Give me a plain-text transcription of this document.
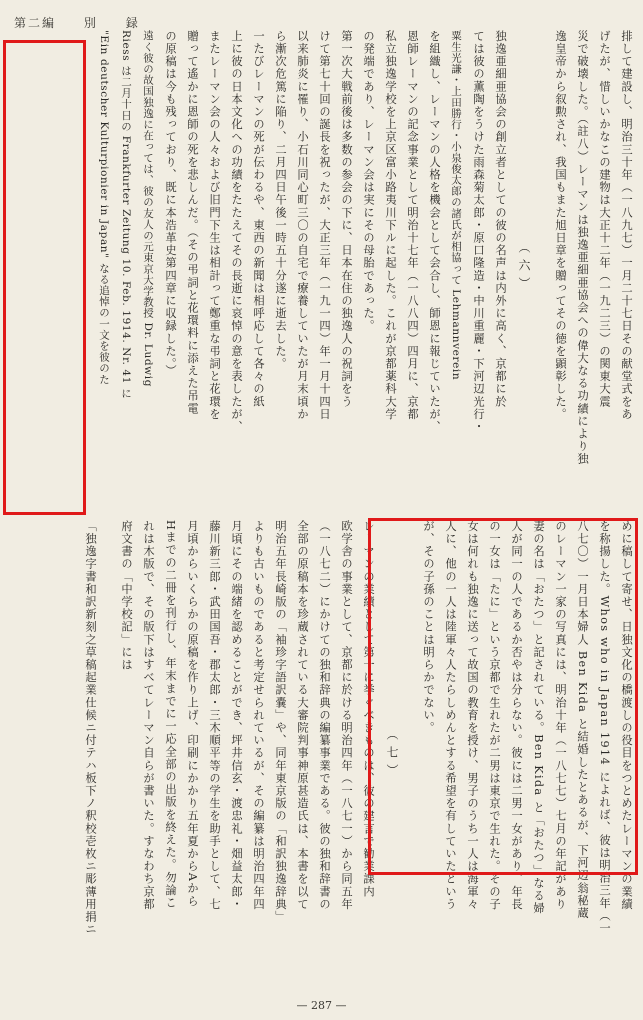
第二編 別 録
排して建設し、明治三十年（一八九七）一月二十七日その献堂式をあ
げたが、惜しいかなこの建物は大正十二年（一九二三）の関東大震
災で破壊した。（註八）レーマンは独逸亜細亜協会への偉大なる功績により独
逸皇帝から叙勲され、我国もまた旭日章を贈ってその徳を顕彰した。
（六）
独逸亜細亜協会の創立者としての彼の名声は内外に高く、京都に於
ては彼の薫陶をうけた雨森菊太郎・原口隆造・中川重麗・下河辺光行・
粟生光謙・上田勝行・小泉俊太郎の諸氏が相協って Lehmannverein
を組織し、レーマンの人格を機会として会合し、師恩に報じていたが、
恩師レーマンの記念事業として明治十七年（一八八四）四月に、京都
私立独逸学校を上京区富小路夷川下ルに起した。これが京都薬科大学
の発端であり、レーマン会は実にその母胎であった。
第一次大戦前後は多数の参会の下に、日本在住の独逸人の祝詞をう
けて第七十回の誕長を祝ったが、大正三年（一九一四）年一月十四日
以来肺炎に罹り、小石川同心町三〇の自宅で療養していたが月末頃か
ら漸次危篤に陥り、二月四日午後一時五十分遂に逝去した。
一たびレーマンの死が伝わるや、東西の新聞は相呼応して各々の紙
上に彼の日本文化への功績をたたえてその長逝に哀悼の意を表したが、
またレーマン会の人々および旧門下生は相計って鄭重な弔詞と花環を
贈って遙かに恩師の死を悲しんだ。（その弔詞と花環料に添えた吊電
の原稿は今も残っており、既に本浩革史第四章に収録した。）
遠く彼の故国独逸に在っては、彼の友人の元東京大学教授 Dr. Ludwig
Riess は二月十日の Frankfurter Zeitung 10. Feb. 1914. Nr. 41 に
"Ein deutscher Kulturpionier in Japan" なる追悼の一文を彼のた
めに稿して寄せ、日独文化の橋渡しの役目をつとめたレーマンの業績
を称揚した。Whos who in Japan 1914 によれば、彼は明治三年（一
八七〇）一月日本婦人 Ben Kida と結婚したとあるが、下河辺翁秘蔵
のレーマン一家の写真には、明治十年（一八七七）七月の年記があり
妻の名は「おたつ」と記されている。Ben Kida と「おたつ」なる婦
人が同一の人であるか否やは分らない。彼には二男一女があり、年長
の一女は「たに」という京都で生れたが二男は東京で生れた。その子
女は何れも独逸に送って故国の教育を授け、男子のうち一人は海軍々
人に、他の一人は陸軍々人たらしめんとする希望を有していたという
が、その子孫のことは明らかでない。
（七）
レーマンの業績として第一に挙ぐべきものは、彼の建言で勧業課内
欧学舎の事業として、京都に於ける明治四年（一八七一）から同五年
（一八七二）にかけての独和辞典の編纂事業である。彼の独和辞書の
全部の原稿本を珍蔵されている大審院判事神原甚造氏は、本書を以て
明治五年長崎版の「袖珍字語訳嚢」や、同年東京版の「和訳独逸辞典」
よりも古いものであると考定せられているが、その編纂は明治四年四
月頃にその端緒を認めることができ、坪井信玄・渡忠礼・畑益太郎・
藤川新三郎・武田国吾・郡太郎・三木順平等の学生を助手として、七
月頃からいくらかの原稿を作り上げ、印刷にかかり五年夏からAから
Hまでの二冊を刊行し、年末までに一応全部の出版を終えた。勿論こ
れは木版で、その版下はすべてレーマン自らが書いた。すなわち京都
府文書の「中学校記」には
「独逸字書和訳新刻之草稿起業仕候ニ付テハ板下ノ釈校壱枚ニ彫薄用捐ニ
— 287 —
